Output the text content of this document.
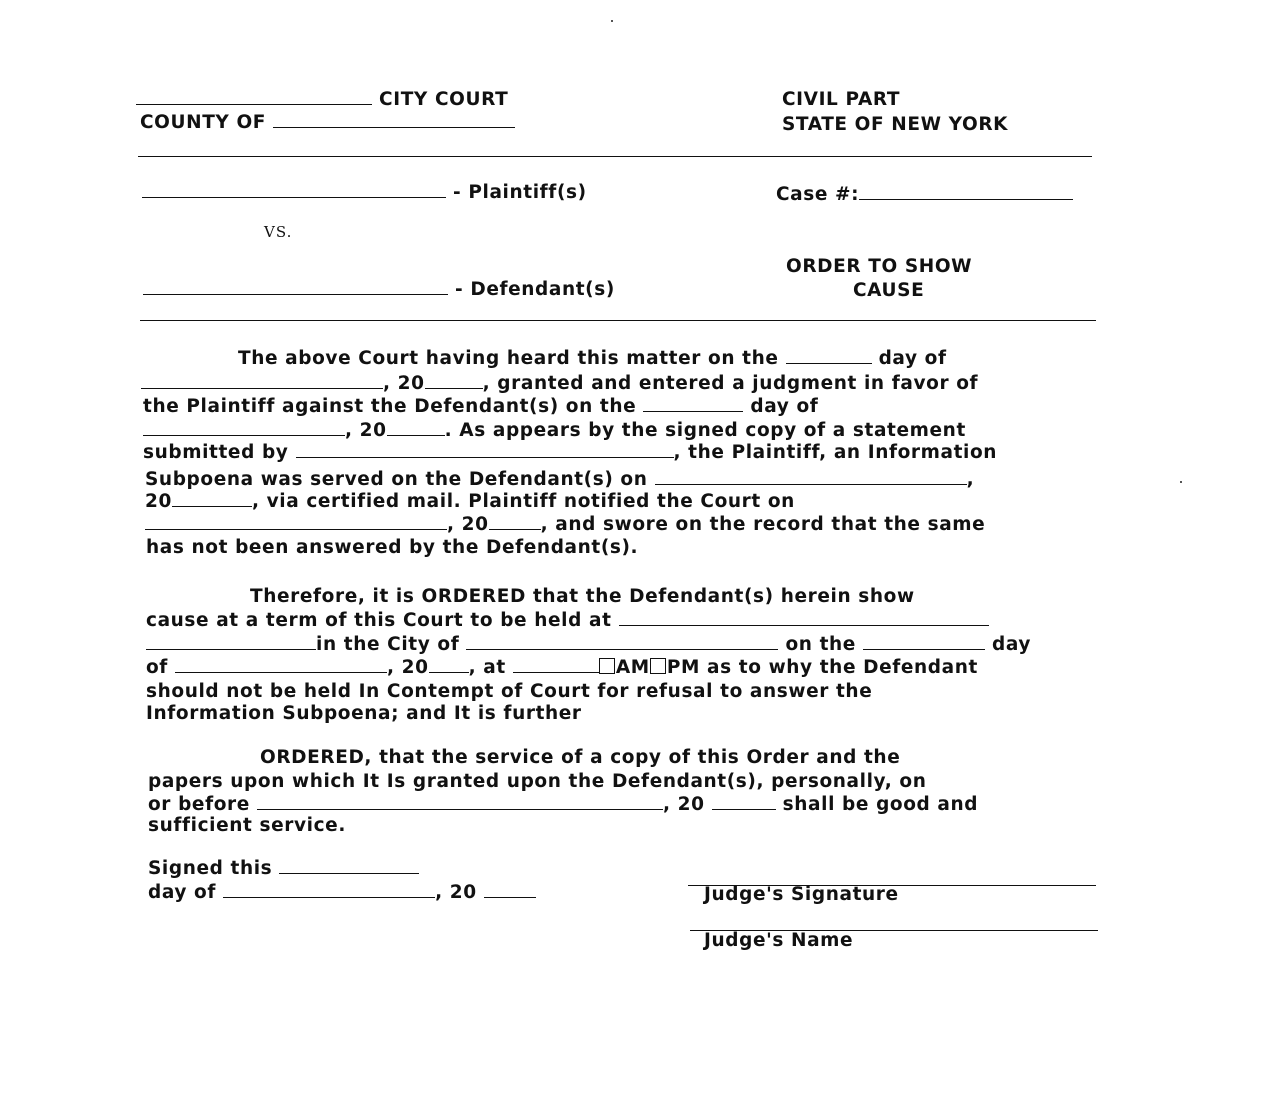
CITY COURT
COUNTY OF
CIVIL PART
STATE OF NEW YORK
- Plaintiff(s)	Case #:
VS.
- Defendant(s)
ORDER TO SHOW
CAUSE
The above Court having heard this matter on the	day of
, 20	, granted and entered a judgment in favor of
the Plaintiff against the Defendant(s) on the	day of
, 20	. As appears by the signed copy of a statement
submitted by	, the Plaintiff, an Information
Subpoena was served on the Defendant(s) on	,
20	, via certified mail. Plaintiff notified the Court on
, 20	, and swore on the record that the same
has not been answered by the Defendant(s).
Therefore, it is ORDERED that the Defendant(s) herein show
cause at a term of this Court to be held at
in the City of	on the	day
of	, 20 , at	AM PM as to why the Defendant
should not be held In Contempt of Court for refusal to answer the
Information Subpoena; and It is further
ORDERED, that the service of a copy of this Order and the
papers upon which It Is granted upon the Defendant(s), personally, on
or before	, 20	shall be good and
sufficient service.
Signed this
day of	, 20	Judge's Signature
Judge's Name
